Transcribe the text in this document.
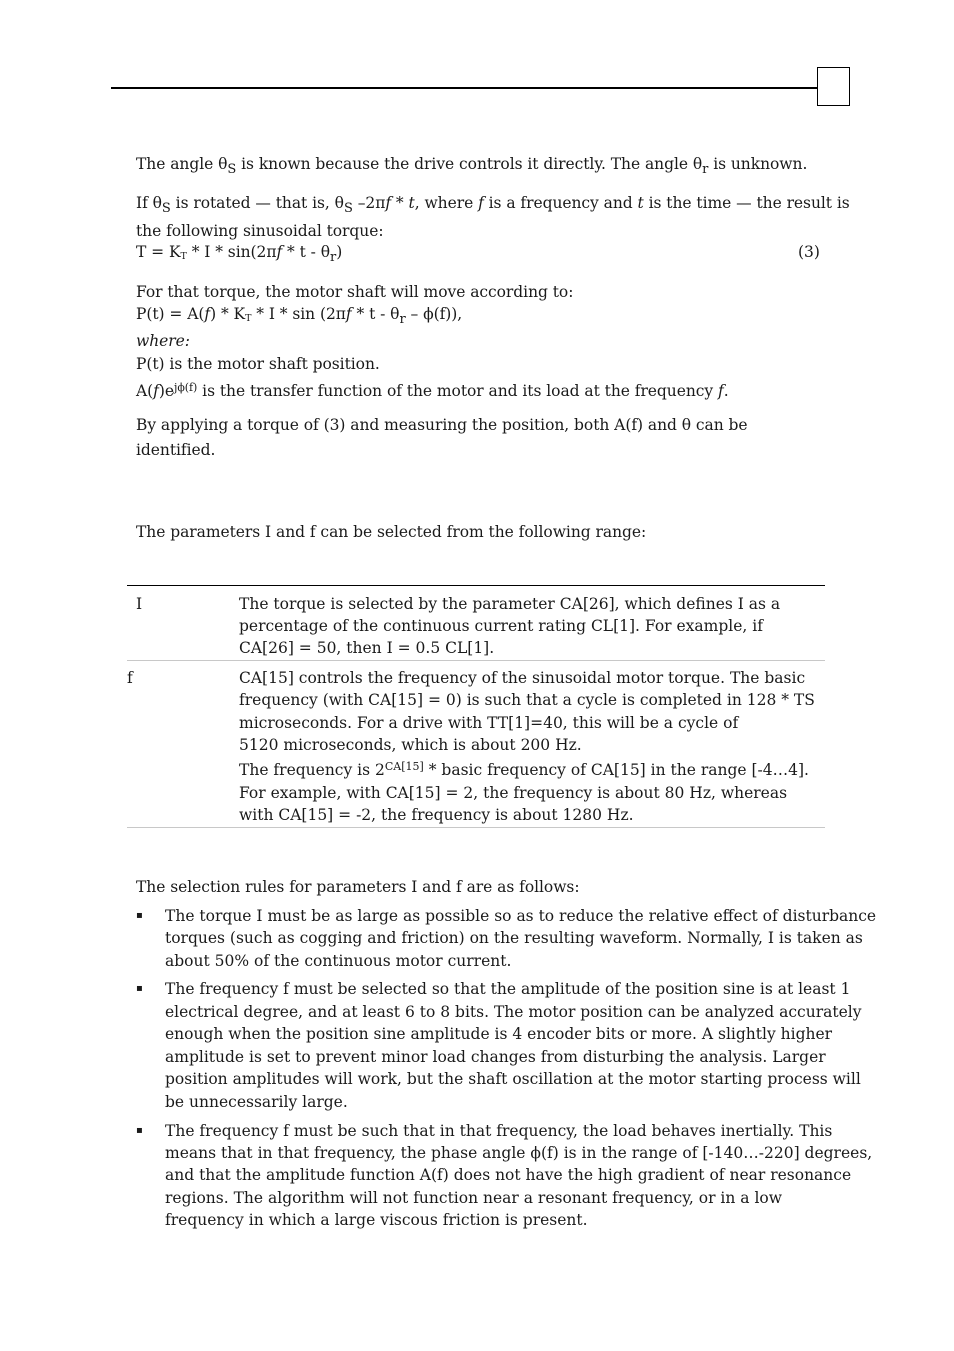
The angle $\theta_S$ is known because the drive controls it directly. The angle $\theta_r$ is unknown.
If $\theta_S$ is rotated — that is, $\theta_S$ –2πf * t, where f is a frequency and t is the time — the result is
the following sinusoidal torque:
$T = K_T * I * \sin(2\pi f * t - \theta_r)$	(3)
For that torque, the motor shaft will move according to:
$P(t) = A(f) * K_T * I * \sin (2\pi f * t - \theta_r - \phi(f))$,
where:
P(t) is the motor shaft position.
$A(f)e^{j\phi(f)}$ is the transfer function of the motor and its load at the frequency f.
By applying a torque of (3) and measuring the position, both A(f) and θ can be
identified.
The parameters I and f can be selected from the following range:
I	The torque is selected by the parameter CA[26], which defines I as a
percentage of the continuous current rating CL[1]. For example, if
CA[26] = 50, then I = 0.5 CL[1].
f	CA[15] controls the frequency of the sinusoidal motor torque. The basic
frequency (with CA[15] = 0) is such that a cycle is completed in 128 * TS
microseconds. For a drive with TT[1]=40, this will be a cycle of
5120 microseconds, which is about 200 Hz.
The frequency is $2^{CA[15]}$ * basic frequency of CA[15] in the range [-4…4].
For example, with CA[15] = 2, the frequency is about 80 Hz, whereas
with CA[15] = -2, the frequency is about 1280 Hz.
The selection rules for parameters I and f are as follows:
▪ The torque I must be as large as possible so as to reduce the relative effect of disturbance
torques (such as cogging and friction) on the resulting waveform. Normally, I is taken as
about 50% of the continuous motor current.
▪ The frequency f must be selected so that the amplitude of the position sine is at least 1
electrical degree, and at least 6 to 8 bits. The motor position can be analyzed accurately
enough when the position sine amplitude is 4 encoder bits or more. A slightly higher
amplitude is set to prevent minor load changes from disturbing the analysis. Larger
position amplitudes will work, but the shaft oscillation at the motor starting process will
be unnecessarily large.
▪ The frequency f must be such that in that frequency, the load behaves inertially. This
means that in that frequency, the phase angle ϕ(f) is in the range of [-140…-220] degrees,
and that the amplitude function A(f) does not have the high gradient of near resonance
regions. The algorithm will not function near a resonant frequency, or in a low
frequency in which a large viscous friction is present.
